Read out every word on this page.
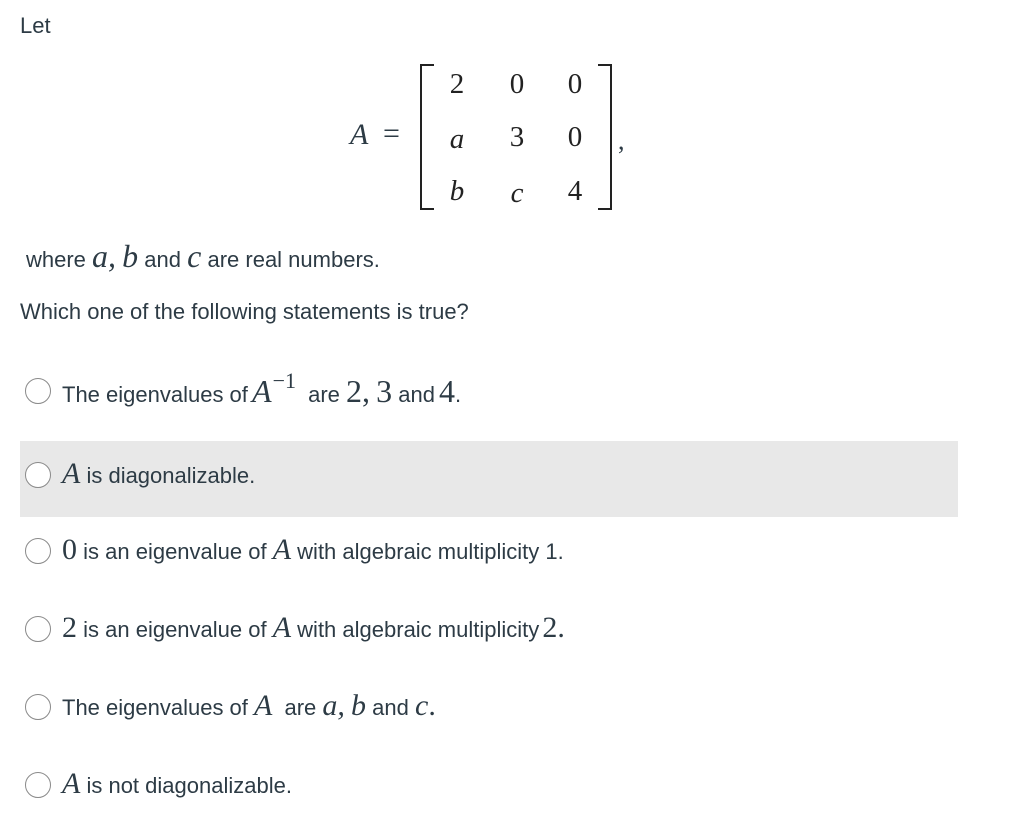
Let
A =
2	0	0
a	3	0
b	c	4
,
where a, b and c are real numbers.
Which one of the following statements is true?
The eigenvalues of $A^{-1}$ are 2, 3 and 4.
A is diagonalizable.
0 is an eigenvalue of A with algebraic multiplicity 1.
2 is an eigenvalue of A with algebraic multiplicity 2.
The eigenvalues of A are a, b and c.
A is not diagonalizable.
